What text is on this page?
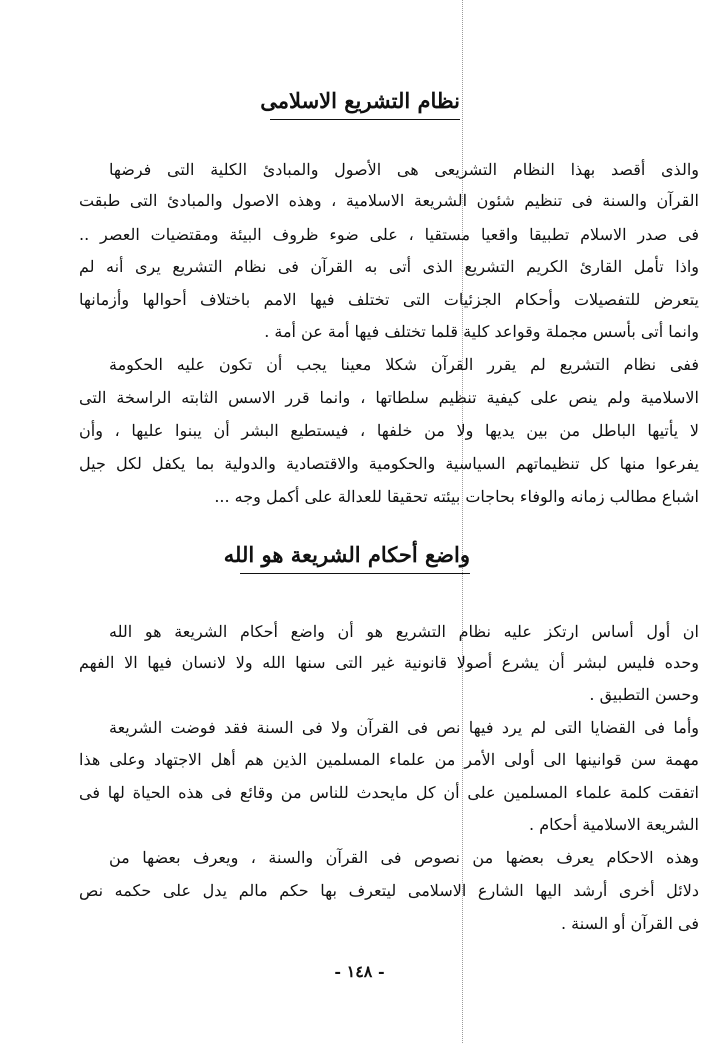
نظام التشريع الاسلامى
والذى أقصد بهذا النظام التشريعى هى الأصول والمبادئ الكلية التى فرضها
القرآن والسنة فى تنظيم شئون الشريعة الاسلامية ، وهذه الاصول والمبادئ التى طبقت
فى صدر الاسلام تطبيقا واقعيا مستقيا ، على ضوء ظروف البيئة ومقتضيات العصر ..
واذا تأمل القارئ الكريم التشريع الذى أتى به القرآن فى نظام التشريع يرى أنه لم
يتعرض للتفصيلات وأحكام الجزئيات التى تختلف فيها الامم باختلاف أحوالها وأزمانها
وانما أتى بأسس مجملة وقواعد كلية قلما تختلف فيها أمة عن أمة .
ففى نظام التشريع لم يقرر القرآن شكلا معينا يجب أن تكون عليه الحكومة
الاسلامية ولم ينص على كيفية تنظيم سلطاتها ، وانما قرر الاسس الثابته الراسخة التى
لا يأتيها الباطل من بين يديها ولا من خلفها ، فيستطيع البشر أن يبنوا عليها ، وأن
يفرعوا منها كل تنظيماتهم السياسية والحكومية والاقتصادية والدولية بما يكفل لكل جيل
اشباع مطالب زمانه والوفاء بحاجات بيئته تحقيقا للعدالة على أكمل وجه ...
واضع أحكام الشريعة هو الله
ان أول أساس ارتكز عليه نظام التشريع هو أن واضع أحكام الشريعة هو الله
وحده فليس لبشر أن يشرع أصولا قانونية غير التى سنها الله ولا لانسان فيها الا الفهم
وحسن التطبيق .
وأما فى القضايا التى لم يرد فيها نص فى القرآن ولا فى السنة فقد فوضت الشريعة
مهمة سن قوانينها الى أولى الأمر من علماء المسلمين الذين هم أهل الاجتهاد وعلى هذا
اتفقت كلمة علماء المسلمين على أن كل مايحدث للناس من وقائع فى هذه الحياة لها فى
الشريعة الاسلامية أحكام .
وهذه الاحكام يعرف بعضها من نصوص فى القرآن والسنة ، ويعرف بعضها من
دلائل أخرى أرشد اليها الشارع الاسلامى ليتعرف بها حكم مالم يدل على حكمه نص
فى القرآن أو السنة .
- ١٤٨ -
